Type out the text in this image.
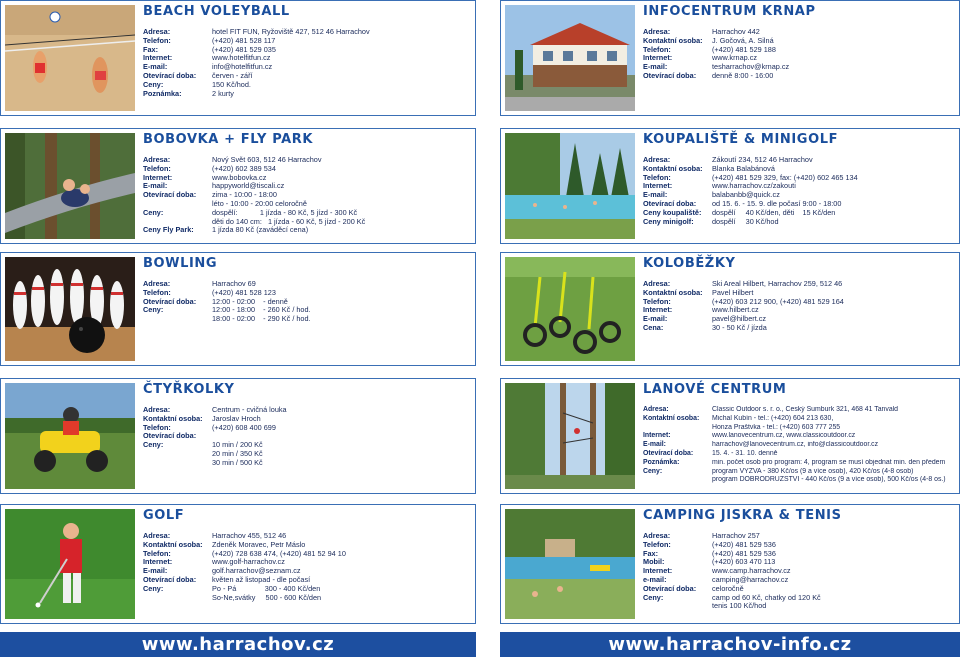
BEACH VOLEYBALL
Adresa:	hotel FIT FUN, Ryžoviště 427, 512 46 Harrachov
Telefon:	(+420) 481 528 117
Fax:	(+420) 481 529 035
Internet:	www.hotelfitfun.cz
E-mail:	info@hotelfitfun.cz
Otevírací doba:	červen - září
Ceny:	150 Kč/hod.
Poznámka:	2 kurty
BOBOVKA + FLY PARK
Adresa:	Nový Svět 603, 512 46 Harrachov
Telefon:	(+420) 602 389 534
Internet:	www.bobovka.cz
E-mail:	happyworld@tiscali.cz
Otevírací doba:	zima - 10:00 - 18:00
léto - 10:00 - 20:00 celoročně
Ceny:	dospělí:           1 jízda - 80 Kč, 5 jízd - 300 Kč
děti do 140 cm:   1 jízda - 60 Kč, 5 jízd - 200 Kč
Ceny Fly Park:	1 jízda 80 Kč (zaváděcí cena)
BOWLING
Adresa:	Harrachov 69
Telefon:	(+420) 481 528 123
Otevírací doba:	12:00 - 02:00    - denně
Ceny:	12:00 - 18:00    - 260 Kč / hod.
18:00 - 02:00    - 290 Kč / hod.
ČTYŘKOLKY
Adresa:	Centrum - cvičná louka
Kontaktní osoba:	Jaroslav Hroch
Telefon:	(+420) 608 400 699
Otevírací doba:
Ceny:	10 min / 200 Kč
20 min / 350 Kč
30 min / 500 Kč
GOLF
Adresa:	Harrachov 455, 512 46
Kontaktní osoba:	Zdeněk Moravec, Petr Máslo
Telefon:	(+420) 728 638 474, (+420) 481 52 94 10
Internet:	www.golf-harrachov.cz
E-mail:	golf.harrachov@seznam.cz
Otevírací doba:	květen až listopad - dle počasí
Ceny:	Po - Pá              300 - 400 Kč/den
So-Ne,svátky     500 - 600 Kč/den
INFOCENTRUM KRNAP
Adresa:	Harrachov 442
Kontaktní osoba:	J. Gočová, A. Silná
Telefon:	(+420) 481 529 188
Internet:	www.krnap.cz
E-mail:	tesharrachov@krnap.cz
Otevírací doba:	denně 8:00 - 16:00
KOUPALIŠTĚ & MINIGOLF
Adresa:	Zákoutí 234, 512 46 Harrachov
Kontaktní osoba:	Blanka Balabánová
Telefon:	(+420) 481 529 329, fax: (+420) 602 465 134
Internet:	www.harrachov.cz/zakouti
E-mail:	balabanbb@quick.cz
Otevírací doba:	od 15. 6. - 15. 9. dle počasí 9:00 - 18:00
Ceny koupaliště:	dospělí     40 Kč/den, děti    15 Kč/den
Ceny minigolf:	dospělí     30 Kč/hod
KOLOBĚŽKY
Adresa:	Ski Areal Hilbert, Harrachov 259, 512 46
Kontaktní osoba:	Pavel Hilbert
Telefon:	(+420) 603 212 900, (+420) 481 529 164
Internet:	www.hilbert.cz
E-mail:	pavel@hilbert.cz
Cena:	30 - 50 Kč / jízda
LANOVÉ CENTRUM
Adresa:	Classic Outdoor s. r. o., Český Šumburk 321, 468 41 Tanvald
Kontaktní osoba:	Michal Kubín - tel.: (+420) 604 213 630,
Honza Praštvka - tel.: (+420) 603 777 255
Internet:	www.lanovecentrum.cz, www.classicoutdoor.cz
E-mail:	harrachov@lanovecentrum.cz, info@classicoutdoor.cz
Otevírací doba:	15. 4. - 31. 10. denně
Poznámka:	min. počet osob pro program: 4, program se musí objednat min. den předem
Ceny:	program VÝZVA - 380 Kč/os (9 a více osob), 420 Kč/os (4-8 osob)
program DOBRODRUŽSTVÍ - 440 Kč/os (9 a více osob), 500 Kč/os (4-8 os.)
CAMPING JISKRA & TENIS
Adresa:	Harrachov 257
Telefon:	(+420) 481 529 536
Fax:	(+420) 481 529 536
Mobil:	(+420) 603 470 113
Internet:	www.camp.harrachov.cz
e-mail:	camping@harrachov.cz
Otevírací doba:	celoročně
Ceny:	camp od 60 Kč, chatky od 120 Kč
tenis 100 Kč/hod
www.harrachov.cz	www.harrachov-info.cz
